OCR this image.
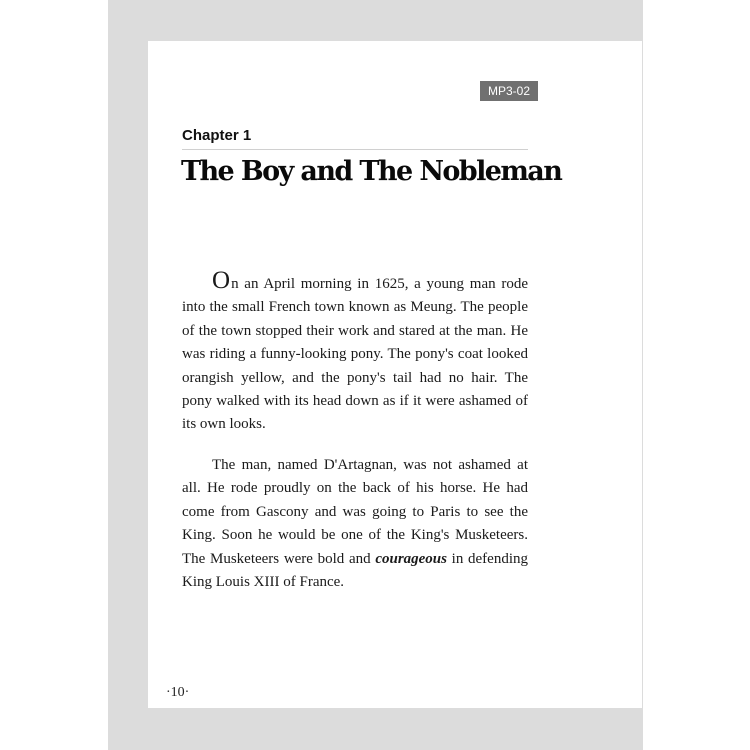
MP3-02
Chapter 1
The Boy and The Nobleman

On an April morning in 1625, a young man rode into the small French town known as Meung. The people of the town stopped their work and stared at the man. He was riding a funny-looking pony. The pony's coat looked orangish yellow, and the pony's tail had no hair. The pony walked with its head down as if it were ashamed of its own looks.

The man, named D'Artagnan, was not ashamed at all. He rode proudly on the back of his horse. He had come from Gascony and was going to Paris to see the King. Soon he would be one of the King's Musketeers. The Musketeers were bold and courageous in defending King Louis XIII of France.

·10·
